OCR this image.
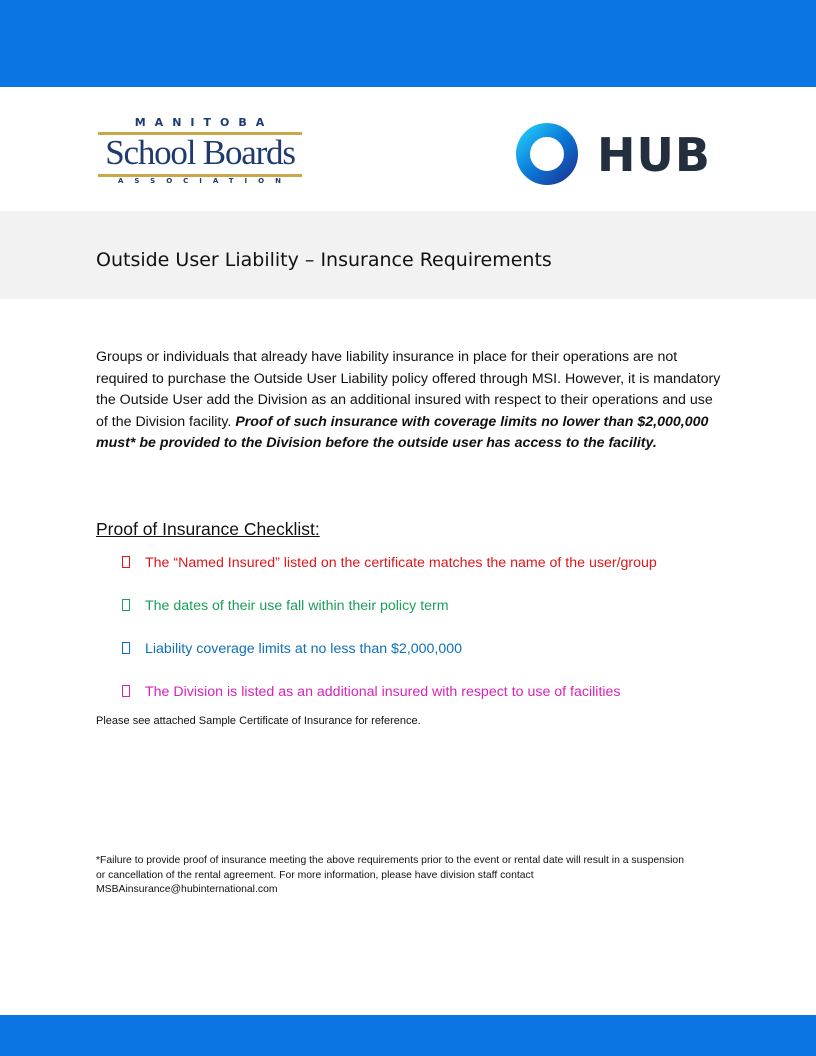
MANITOBA
School Boards
ASSOCIATION	HUB
Outside User Liability – Insurance Requirements

Groups or individuals that already have liability insurance in place for their operations are not required to purchase the Outside User Liability policy offered through MSI. However, it is mandatory the Outside User add the Division as an additional insured with respect to their operations and use of the Division facility. Proof of such insurance with coverage limits no lower than $2,000,000 must* be provided to the Division before the outside user has access to the facility.

Proof of Insurance Checklist:
The “Named Insured” listed on the certificate matches the name of the user/group
The dates of their use fall within their policy term
Liability coverage limits at no less than $2,000,000
The Division is listed as an additional insured with respect to use of facilities

Please see attached Sample Certificate of Insurance for reference.

*Failure to provide proof of insurance meeting the above requirements prior to the event or rental date will result in a suspension or cancellation of the rental agreement. For more information, please have division staff contact MSBAinsurance@hubinternational.com
